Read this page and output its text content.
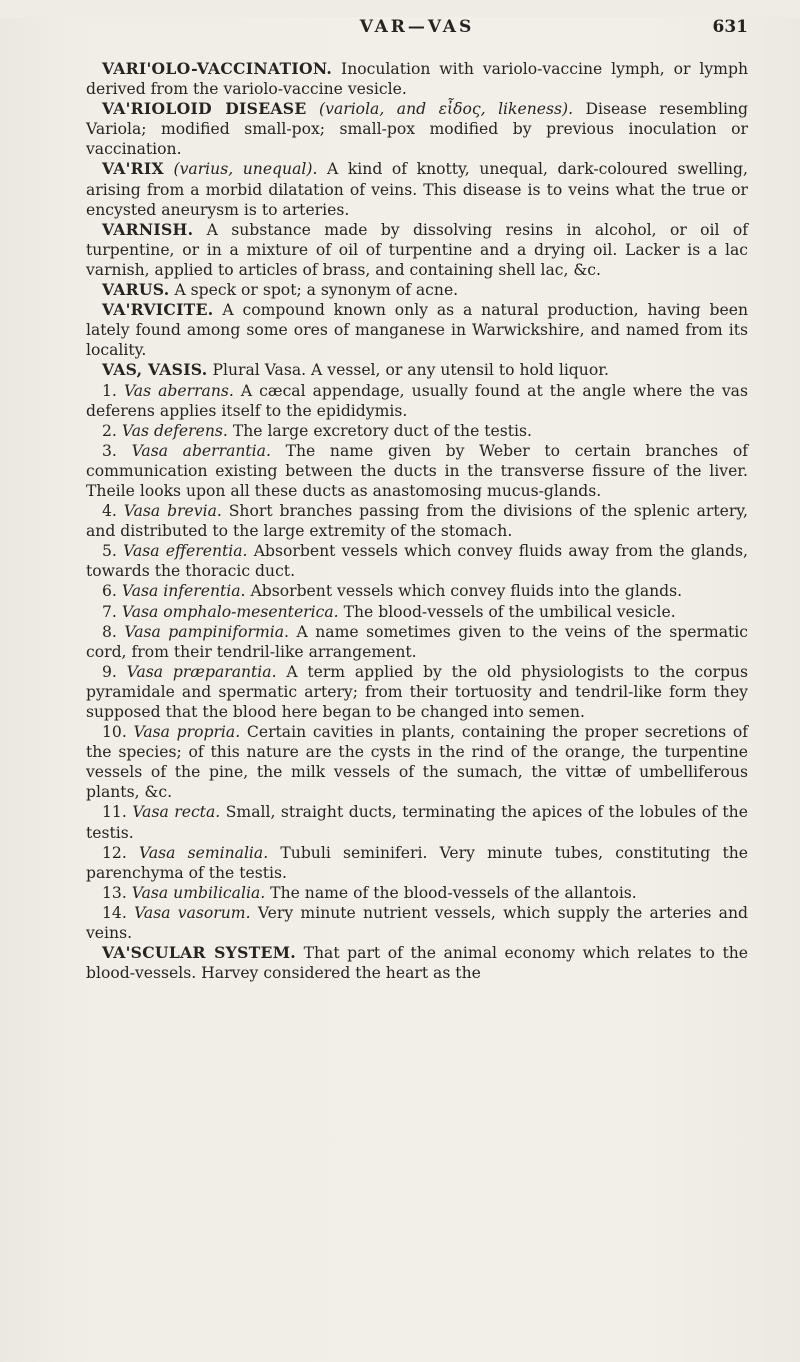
VAR—VAS	631

VARI'OLO-VACCINATION. Inoculation with variolo-vaccine lymph, or lymph derived from the variolo-vaccine vesicle.

VA'RIOLOID DISEASE (variola, and εἶδος, likeness). Disease resembling Variola; modified small-pox; small-pox modified by previous inoculation or vaccination.

VA'RIX (varius, unequal). A kind of knotty, unequal, dark-coloured swelling, arising from a morbid dilatation of veins. This disease is to veins what the true or encysted aneurysm is to arteries.

VARNISH. A substance made by dissolving resins in alcohol, or oil of turpentine, or in a mixture of oil of turpentine and a drying oil. Lacker is a lac varnish, applied to articles of brass, and containing shell lac, &c.

VARUS. A speck or spot; a synonym of acne.

VA'RVICITE. A compound known only as a natural production, having been lately found among some ores of manganese in Warwickshire, and named from its locality.

VAS, VASIS. Plural Vasa. A vessel, or any utensil to hold liquor.

1. Vas aberrans. A cæcal appendage, usually found at the angle where the vas deferens applies itself to the epididymis.

2. Vas deferens. The large excretory duct of the testis.

3. Vasa aberrantia. The name given by Weber to certain branches of communication existing between the ducts in the transverse fissure of the liver. Theile looks upon all these ducts as anastomosing mucus-glands.

4. Vasa brevia. Short branches passing from the divisions of the splenic artery, and distributed to the large extremity of the stomach.

5. Vasa efferentia. Absorbent vessels which convey fluids away from the glands, towards the thoracic duct.

6. Vasa inferentia. Absorbent vessels which convey fluids into the glands.

7. Vasa omphalo-mesenterica. The blood-vessels of the umbilical vesicle.

8. Vasa pampiniformia. A name sometimes given to the veins of the spermatic cord, from their tendril-like arrangement.

9. Vasa præparantia. A term applied by the old physiologists to the corpus pyramidale and spermatic artery; from their tortuosity and tendril-like form they supposed that the blood here began to be changed into semen.

10. Vasa propria. Certain cavities in plants, containing the proper secretions of the species; of this nature are the cysts in the rind of the orange, the turpentine vessels of the pine, the milk vessels of the sumach, the vittæ of umbelliferous plants, &c.

11. Vasa recta. Small, straight ducts, terminating the apices of the lobules of the testis.

12. Vasa seminalia. Tubuli seminiferi. Very minute tubes, constituting the parenchyma of the testis.

13. Vasa umbilicalia. The name of the blood-vessels of the allantois.

14. Vasa vasorum. Very minute nutrient vessels, which supply the arteries and veins.

VA'SCULAR SYSTEM. That part of the animal economy which relates to the blood-vessels. Harvey considered the heart as the
